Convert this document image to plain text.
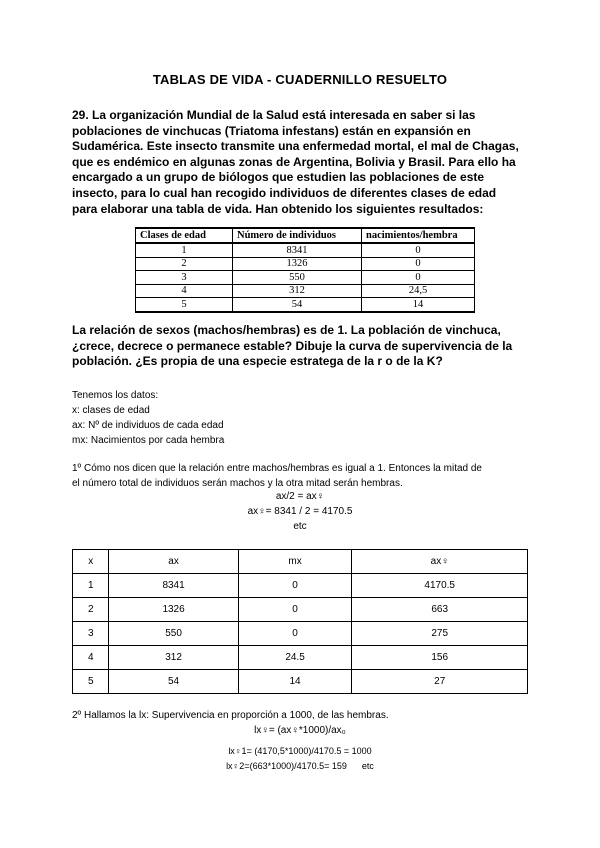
TABLAS DE VIDA - CUADERNILLO RESUELTO
29. La organización Mundial de la Salud está interesada en saber si las
poblaciones de vinchucas (Triatoma infestans) están en expansión en
Sudamérica. Este insecto transmite una enfermedad mortal, el mal de Chagas,
que es endémico en algunas zonas de Argentina, Bolivia y Brasil. Para ello ha
encargado a un grupo de biólogos que estudien las poblaciones de este
insecto, para lo cual han recogido individuos de diferentes clases de edad
para elaborar una tabla de vida. Han obtenido los siguientes resultados:
Clases de edad	Número de individuos	nacimientos/hembra
1	8341	0
2	1326	0
3	550	0
4	312	24,5
5	54	14
La relación de sexos (machos/hembras) es de 1. La población de vinchuca,
¿crece, decrece o permanece estable? Dibuje la curva de supervivencia de la
población. ¿Es propia de una especie estratega de la r o de la K?
Tenemos los datos:
x: clases de edad
ax: Nº de individuos de cada edad
mx: Nacimientos por cada hembra
1º Cómo nos dicen que la relación entre machos/hembras es igual a 1. Entonces la mitad de
el número total de individuos serán machos y la otra mitad serán hembras.
ax/2 = ax♀
ax♀= 8341 / 2 = 4170.5
etc
x	ax	mx	ax♀
1	8341	0	4170.5
2	1326	0	663
3	550	0	275
4	312	24.5	156
5	54	14	27
2º Hallamos la lx: Supervivencia en proporción a 1000, de las hembras.
lx♀= (ax♀*1000)/ax₀
lx♀1= (4170,5*1000)/4170.5 = 1000
lx♀2=(663*1000)/4170.5= 159      etc
